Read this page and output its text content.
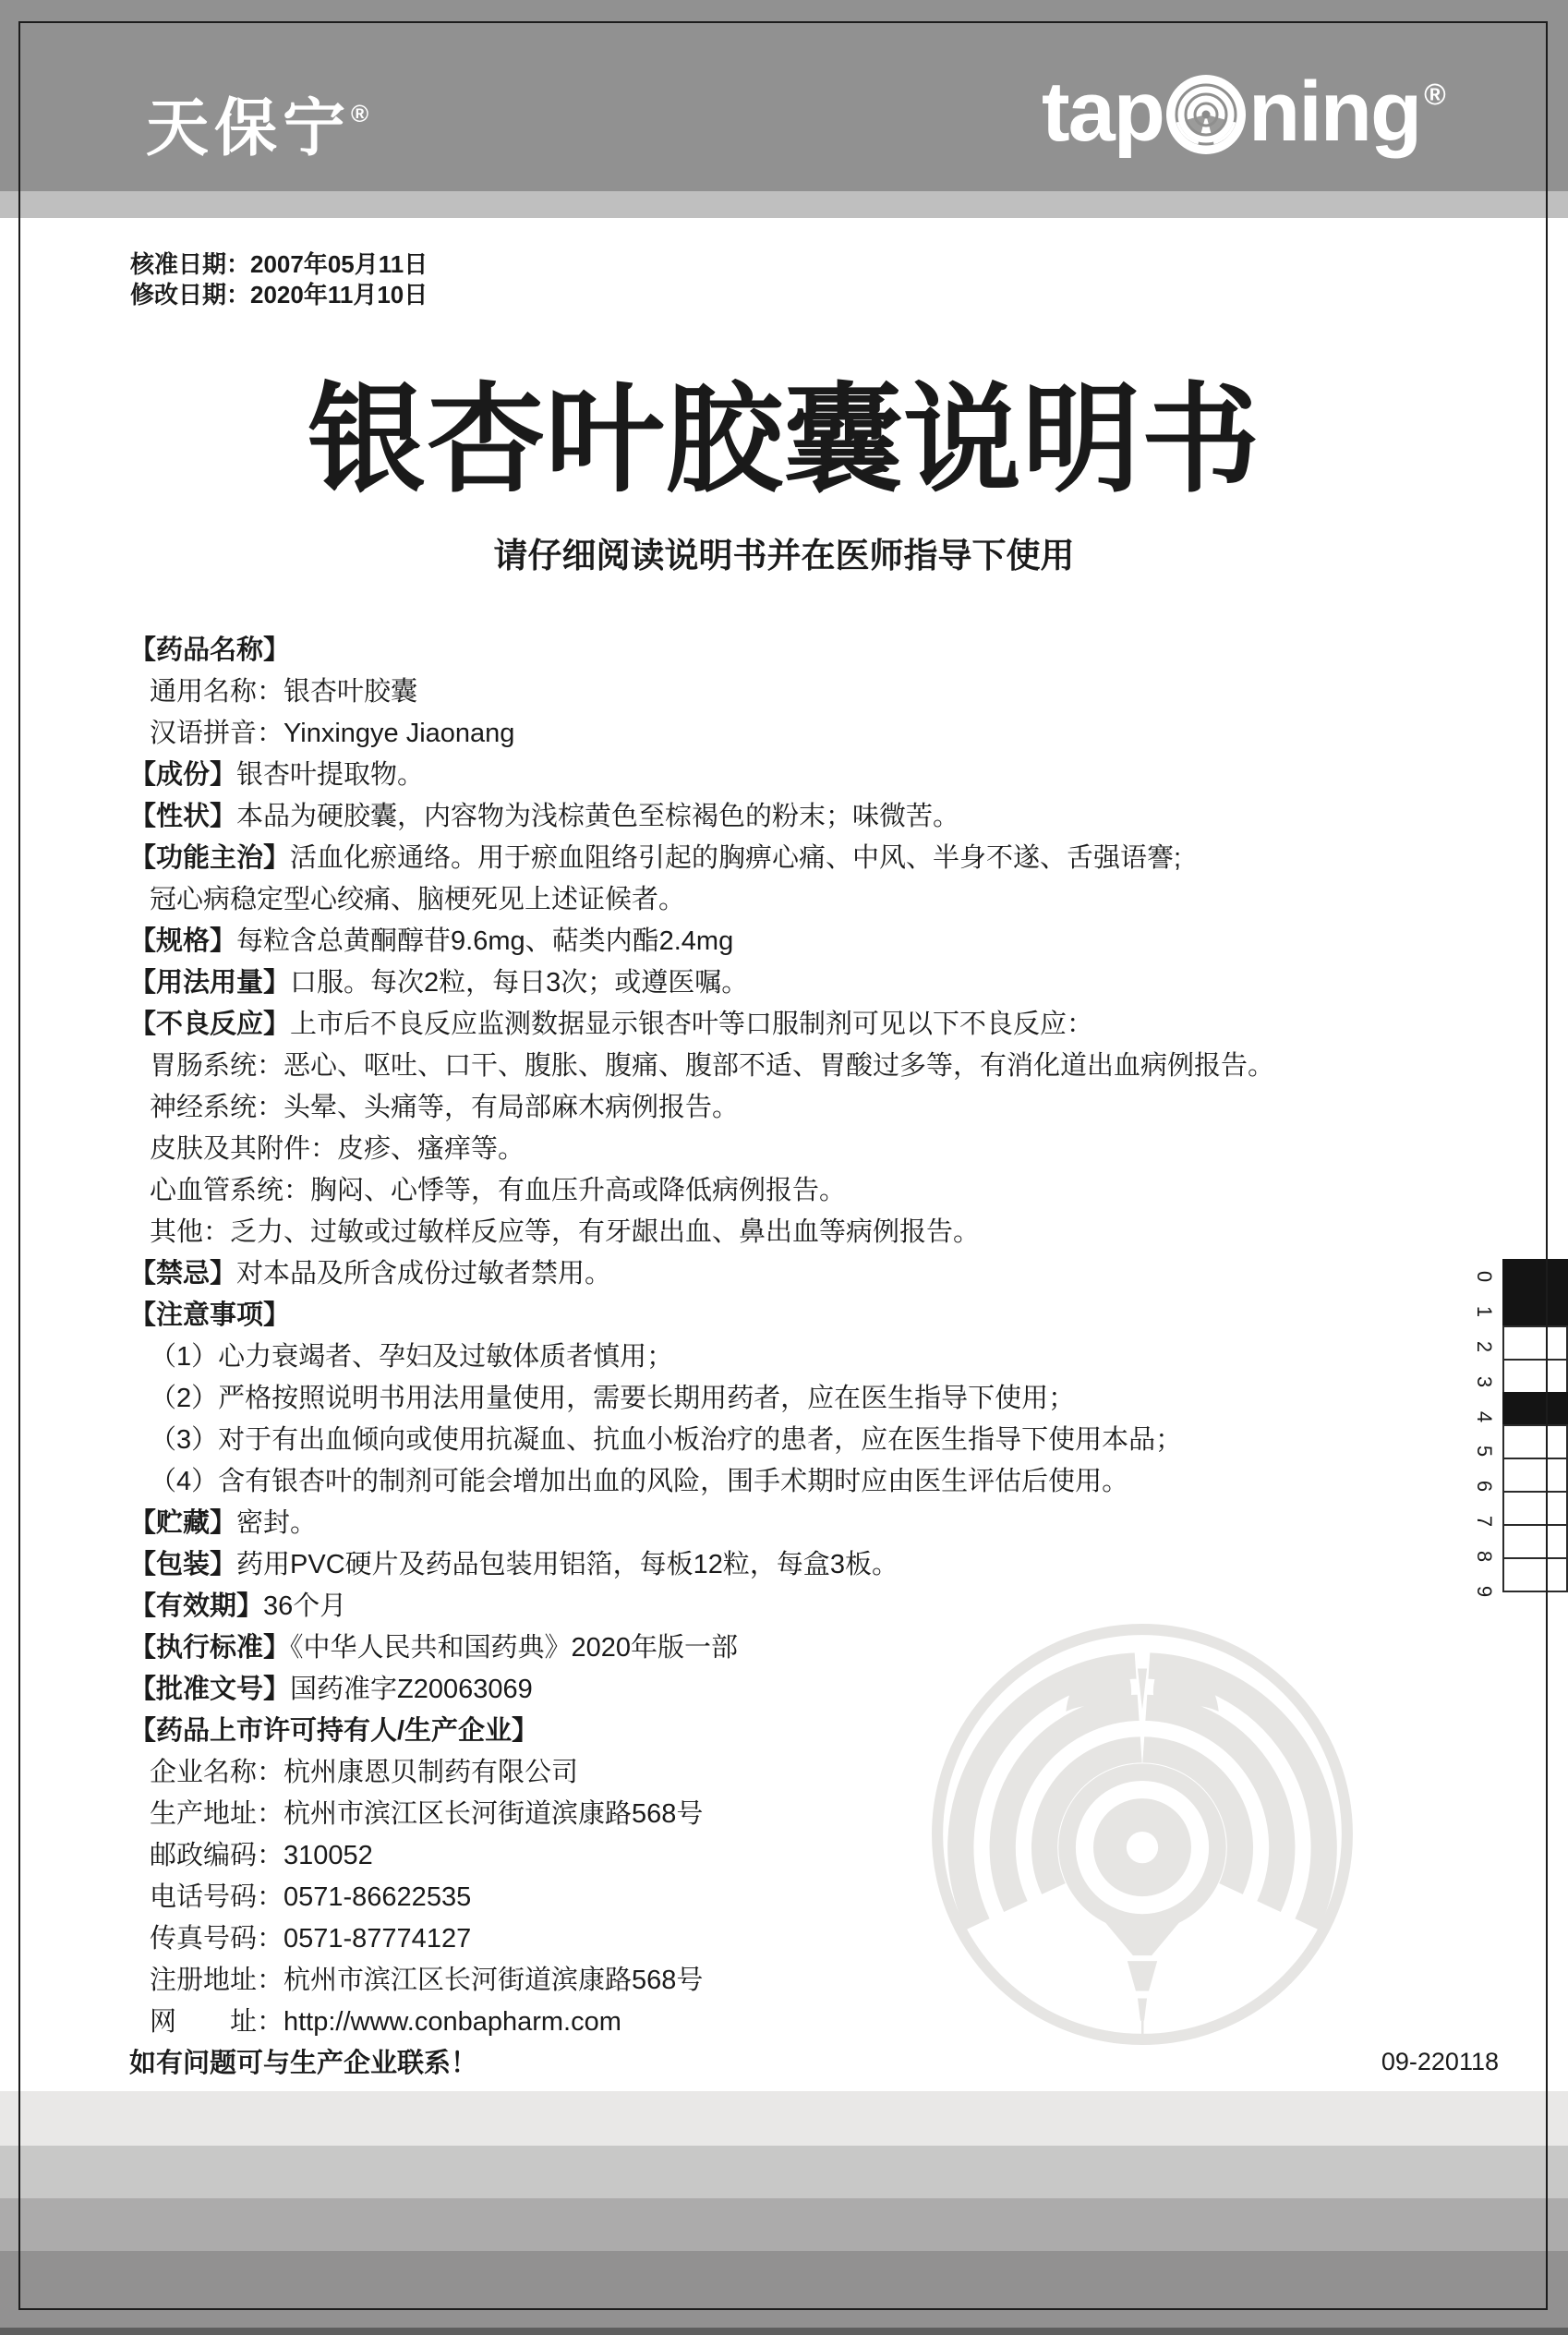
天保宁®	tap ning®
核准日期：2007年05月11日
修改日期：2020年11月10日
银杏叶胶囊说明书
请仔细阅读说明书并在医师指导下使用
【药品名称】
通用名称：银杏叶胶囊
汉语拼音：Yinxingye Jiaonang
【成份】银杏叶提取物。
【性状】本品为硬胶囊，内容物为浅棕黄色至棕褐色的粉末；味微苦。
【功能主治】活血化瘀通络。用于瘀血阻络引起的胸痹心痛、中风、半身不遂、舌强语謇;
冠心病稳定型心绞痛、脑梗死见上述证候者。
【规格】每粒含总黄酮醇苷9.6mg、萜类内酯2.4mg
【用法用量】口服。每次2粒，每日3次；或遵医嘱。
【不良反应】上市后不良反应监测数据显示银杏叶等口服制剂可见以下不良反应：
胃肠系统：恶心、呕吐、口干、腹胀、腹痛、腹部不适、胃酸过多等，有消化道出血病例报告。
神经系统：头晕、头痛等，有局部麻木病例报告。
皮肤及其附件：皮疹、瘙痒等。
心血管系统：胸闷、心悸等，有血压升高或降低病例报告。
其他：乏力、过敏或过敏样反应等，有牙龈出血、鼻出血等病例报告。
【禁忌】对本品及所含成份过敏者禁用。
【注意事项】
（1）心力衰竭者、孕妇及过敏体质者慎用；
（2）严格按照说明书用法用量使用，需要长期用药者，应在医生指导下使用；
（3）对于有出血倾向或使用抗凝血、抗血小板治疗的患者，应在医生指导下使用本品；
（4）含有银杏叶的制剂可能会增加出血的风险，围手术期时应由医生评估后使用。
【贮藏】密封。
【包装】药用PVC硬片及药品包装用铝箔，每板12粒，每盒3板。
【有效期】36个月
【执行标准】《中华人民共和国药典》2020年版一部
【批准文号】国药准字Z20063069
【药品上市许可持有人/生产企业】
企业名称：杭州康恩贝制药有限公司
生产地址：杭州市滨江区长河街道滨康路568号
邮政编码：310052
电话号码：0571-86622535
传真号码：0571-87774127
注册地址：杭州市滨江区长河街道滨康路568号
网　　址：http://www.conbapharm.com
如有问题可与生产企业联系！	09-220118
0
1
2
3
4
5
6
7
8
9
